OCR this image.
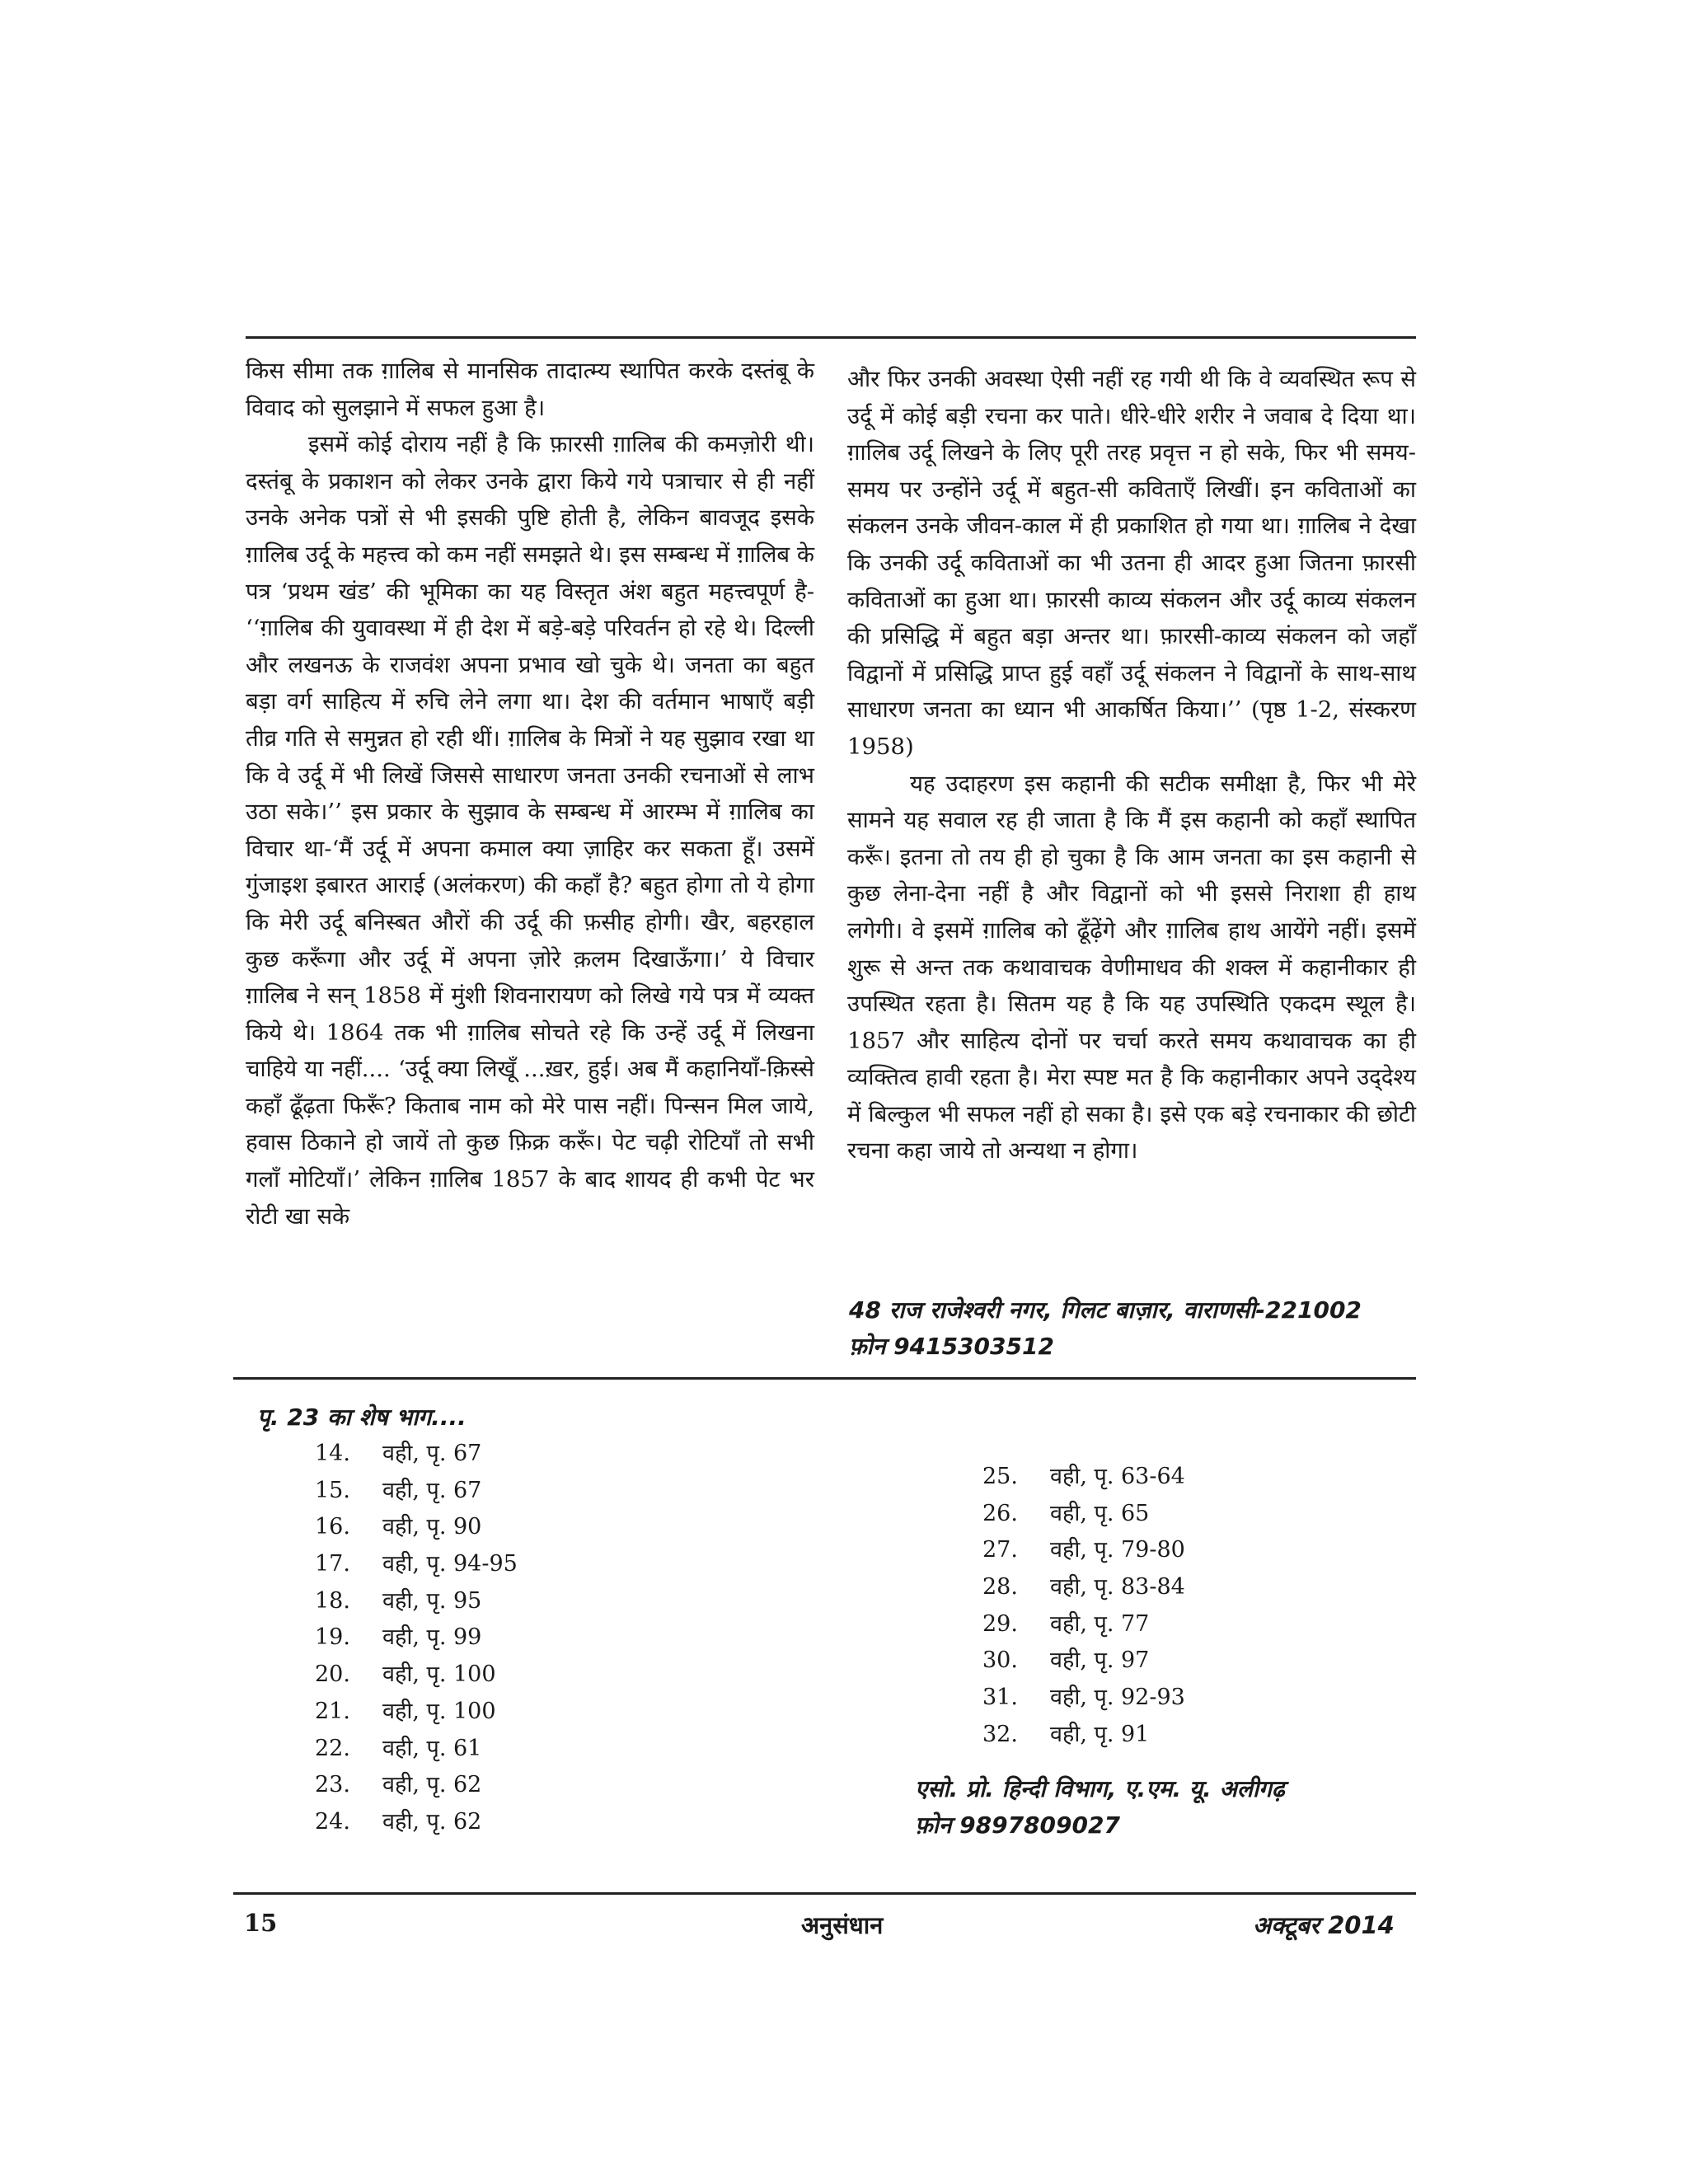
किस सीमा तक ग़ालिब से मानसिक तादात्म्य स्थापित करके दस्तंबू के विवाद को सुलझाने में सफल हुआ है।

इसमें कोई दोराय नहीं है कि फ़ारसी ग़ालिब की कमज़ोरी थी। दस्तंबू के प्रकाशन को लेकर उनके द्वारा किये गये पत्राचार से ही नहीं उनके अनेक पत्रों से भी इसकी पुष्टि होती है, लेकिन बावजूद इसके ग़ालिब उर्दू के महत्त्व को कम नहीं समझते थे। इस सम्बन्ध में ग़ालिब के पत्र ‘प्रथम खंड’ की भूमिका का यह विस्तृत अंश बहुत महत्त्वपूर्ण है- ‘‘ग़ालिब की युवावस्था में ही देश में बड़े-बड़े परिवर्तन हो रहे थे। दिल्ली और लखनऊ के राजवंश अपना प्रभाव खो चुके थे। जनता का बहुत बड़ा वर्ग साहित्य में रुचि लेने लगा था। देश की वर्तमान भाषाएँ बड़ी तीव्र गति से समुन्नत हो रही थीं। ग़ालिब के मित्रों ने यह सुझाव रखा था कि वे उर्दू में भी लिखें जिससे साधारण जनता उनकी रचनाओं से लाभ उठा सके।’’ इस प्रकार के सुझाव के सम्बन्ध में आरम्भ में ग़ालिब का विचार था-‘मैं उर्दू में अपना कमाल क्या ज़ाहिर कर सकता हूँ। उसमें गुंजाइश इबारत आराई (अलंकरण) की कहाँ है? बहुत होगा तो ये होगा कि मेरी उर्दू बनिस्बत औरों की उर्दू की फ़सीह होगी। खैर, बहरहाल कुछ करूँगा और उर्दू में अपना ज़ोरे क़लम दिखाऊँगा।’ ये विचार ग़ालिब ने सन्‌ 1858 में मुंशी शिवनारायण को लिखे गये पत्र में व्यक्त किये थे। 1864 तक भी ग़ालिब सोचते रहे कि उन्हें उर्दू में लिखना चाहिये या नहीं.... ‘उर्दू क्या लिखूँ ...ख़र, हुई। अब मैं कहानियाँ-क़िस्से कहाँ ढूँढ़ता फिरूँ? किताब नाम को मेरे पास नहीं। पिन्सन मिल जाये, हवास ठिकाने हो जायें तो कुछ फ़िक्र करूँ। पेट चढ़ी रोटियाँ तो सभी गलाँ मोटियाँ।’ लेकिन ग़ालिब 1857 के बाद शायद ही कभी पेट भर रोटी खा सके

और फिर उनकी अवस्था ऐसी नहीं रह गयी थी कि वे व्यवस्थित रूप से उर्दू में कोई बड़ी रचना कर पाते। धीरे-धीरे शरीर ने जवाब दे दिया था। ग़ालिब उर्दू लिखने के लिए पूरी तरह प्रवृत्त न हो सके, फिर भी समय-समय पर उन्होंने उर्दू में बहुत-सी कविताएँ लिखीं। इन कविताओं का संकलन उनके जीवन-काल में ही प्रकाशित हो गया था। ग़ालिब ने देखा कि उनकी उर्दू कविताओं का भी उतना ही आदर हुआ जितना फ़ारसी कविताओं का हुआ था। फ़ारसी काव्य संकलन और उर्दू काव्य संकलन की प्रसिद्धि में बहुत बड़ा अन्तर था। फ़ारसी-काव्य संकलन को जहाँ विद्वानों में प्रसिद्धि प्राप्त हुई वहाँ उर्दू संकलन ने विद्वानों के साथ-साथ साधारण जनता का ध्यान भी आकर्षित किया।’’ (पृष्ठ 1-2, संस्करण 1958)

यह उदाहरण इस कहानी की सटीक समीक्षा है, फिर भी मेरे सामने यह सवाल रह ही जाता है कि मैं इस कहानी को कहाँ स्थापित करूँ। इतना तो तय ही हो चुका है कि आम जनता का इस कहानी से कुछ लेना-देना नहीं है और विद्वानों को भी इससे निराशा ही हाथ लगेगी। वे इसमें ग़ालिब को ढूँढ़ेंगे और ग़ालिब हाथ आयेंगे नहीं। इसमें शुरू से अन्त तक कथावाचक वेणीमाधव की शक्ल में कहानीकार ही उपस्थित रहता है। सितम यह है कि यह उपस्थिति एकदम स्थूल है। 1857 और साहित्य दोनों पर चर्चा करते समय कथावाचक का ही व्यक्तित्व हावी रहता है। मेरा स्पष्ट मत है कि कहानीकार अपने उद्‌देश्य में बिल्कुल भी सफल नहीं हो सका है। इसे एक बड़े रचनाकार की छोटी रचना कहा जाये तो अन्यथा न होगा।

48 राज राजेश्वरी नगर, गिलट बाज़ार, वाराणसी-221002
फ़ोन 9415303512
पृ. 23 का शेष भाग....
14. वही, पृ. 67
15. वही, पृ. 67
16. वही, पृ. 90
17. वही, पृ. 94-95
18. वही, पृ. 95
19. वही, पृ. 99
20. वही, पृ. 100
21. वही, पृ. 100
22. वही, पृ. 61
23. वही, पृ. 62
24. वही, पृ. 62
25. वही, पृ. 63-64
26. वही, पृ. 65
27. वही, पृ. 79-80
28. वही, पृ. 83-84
29. वही, पृ. 77
30. वही, पृ. 97
31. वही, पृ. 92-93
32. वही, पृ. 91
एसो. प्रो. हिन्दी विभाग, ए.एम. यू. अलीगढ़
फ़ोन 9897809027
15	अनुसंधान	अक्टूबर 2014
